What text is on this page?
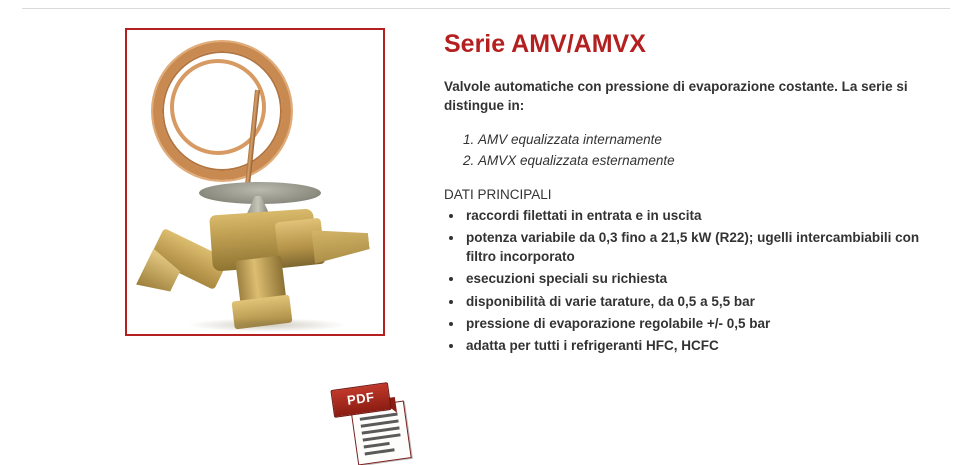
PDF
Serie AMV/AMVX

Valvole automatiche con pressione di evaporazione costante. La serie si distingue in:

1. AMV equalizzata internamente
2. AMVX equalizzata esternamente
DATI PRINCIPALI
• raccordi filettati in entrata e in uscita
• potenza variabile da 0,3 fino a 21,5 kW (R22); ugelli intercambiabili con filtro incorporato
• esecuzioni speciali su richiesta
• disponibilità di varie tarature, da 0,5 a 5,5 bar
• pressione di evaporazione regolabile +/- 0,5 bar
• adatta per tutti i refrigeranti HFC, HCFC
